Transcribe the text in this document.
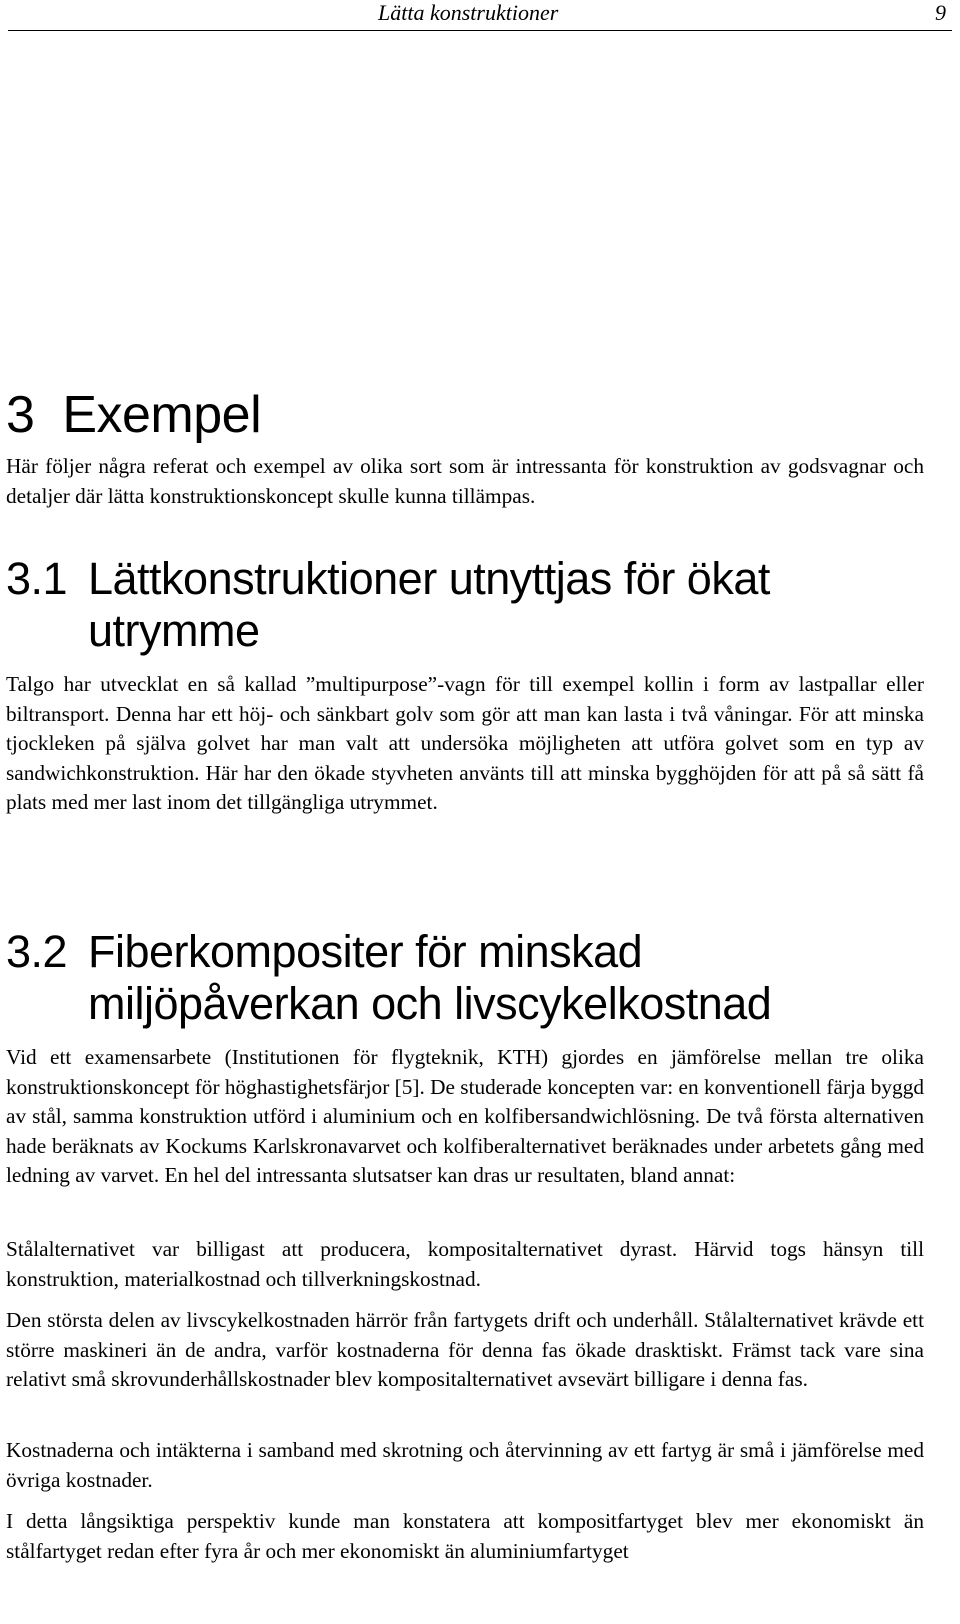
Lätta konstruktioner	9
3 Exempel

Här följer några referat och exempel av olika sort som är intressanta för konstruktion av godsvagnar och detaljer där lätta konstruktionskoncept skulle kunna tillämpas.

3.1 Lättkonstruktioner utnyttjas för ökat
utrymme

Talgo har utvecklat en så kallad ”multipurpose”-vagn för till exempel kollin i form av lastpallar eller biltransport. Denna har ett höj- och sänkbart golv som gör att man kan lasta i två våningar. För att minska tjockleken på själva golvet har man valt att undersöka möjligheten att utföra golvet som en typ av sandwichkonstruktion. Här har den ökade styvheten använts till att minska bygghöjden för att på så sätt få plats med mer last inom det tillgängliga utrymmet.

3.2 Fiberkompositer för minskad
miljöpåverkan och livscykelkostnad

Vid ett examensarbete (Institutionen för flygteknik, KTH) gjordes en jämförelse mellan tre olika konstruktionskoncept för höghastighetsfärjor [5]. De studerade koncepten var: en konventionell färja byggd av stål, samma konstruktion utförd i aluminium och en kolfibersandwichlösning. De två första alternativen hade beräknats av Kockums Karlskronavarvet och kolfiberalternativet beräknades under arbetets gång med ledning av varvet. En hel del intressanta slutsatser kan dras ur resultaten, bland annat:

Stålalternativet var billigast att producera, kompositalternativet dyrast. Härvid togs hänsyn till konstruktion, materialkostnad och tillverkningskostnad.

Den största delen av livscykelkostnaden härrör från fartygets drift och underhåll. Stålalternativet krävde ett större maskineri än de andra, varför kostnaderna för denna fas ökade drasktiskt. Främst tack vare sina relativt små skrovunderhållskostnader blev kompositalternativet avsevärt billigare i denna fas.

Kostnaderna och intäkterna i samband med skrotning och återvinning av ett fartyg är små i jämförelse med övriga kostnader.

I detta långsiktiga perspektiv kunde man konstatera att kompositfartyget blev mer ekonomiskt än stålfartyget redan efter fyra år och mer ekonomiskt än aluminiumfartyget
